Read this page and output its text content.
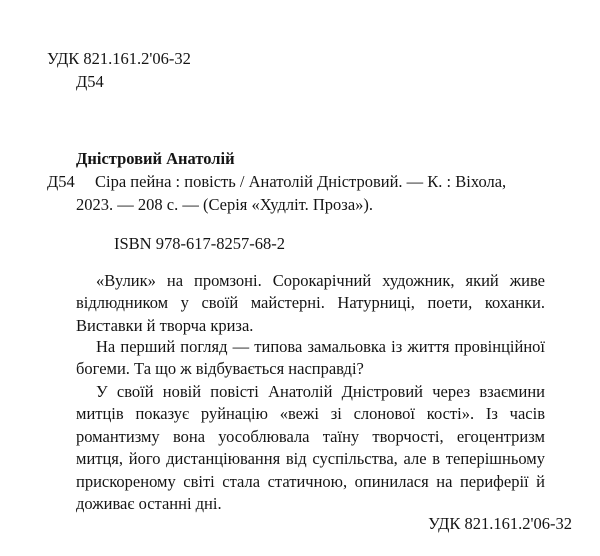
УДК 821.161.2'06-32
Д54
Дністровий Анатолій
Д54 Сіра пейна : повість / Анатолій Дністровий. — К. : Віхола,
2023. — 208 с. — (Серія «Худліт. Проза»).
ISBN 978-617-8257-68-2

«Вулик» на промзоні. Сорокарічний художник, який живе відлюдником у своїй майстерні. Натурниці, поети, коханки. Виставки й творча криза.

На перший погляд — типова замальовка із життя провінційної богеми. Та що ж відбувається насправді?

У своїй новій повісті Анатолій Дністровий через взаємини митців показує руйнацію «вежі зі слонової кості». Із часів романтизму вона уособлювала таїну творчості, егоцентризм митця, його дистанціювання від суспільства, але в теперішньому прискореному світі стала статичною, опинилася на периферії й доживає останні дні.

УДК 821.161.2'06-32
